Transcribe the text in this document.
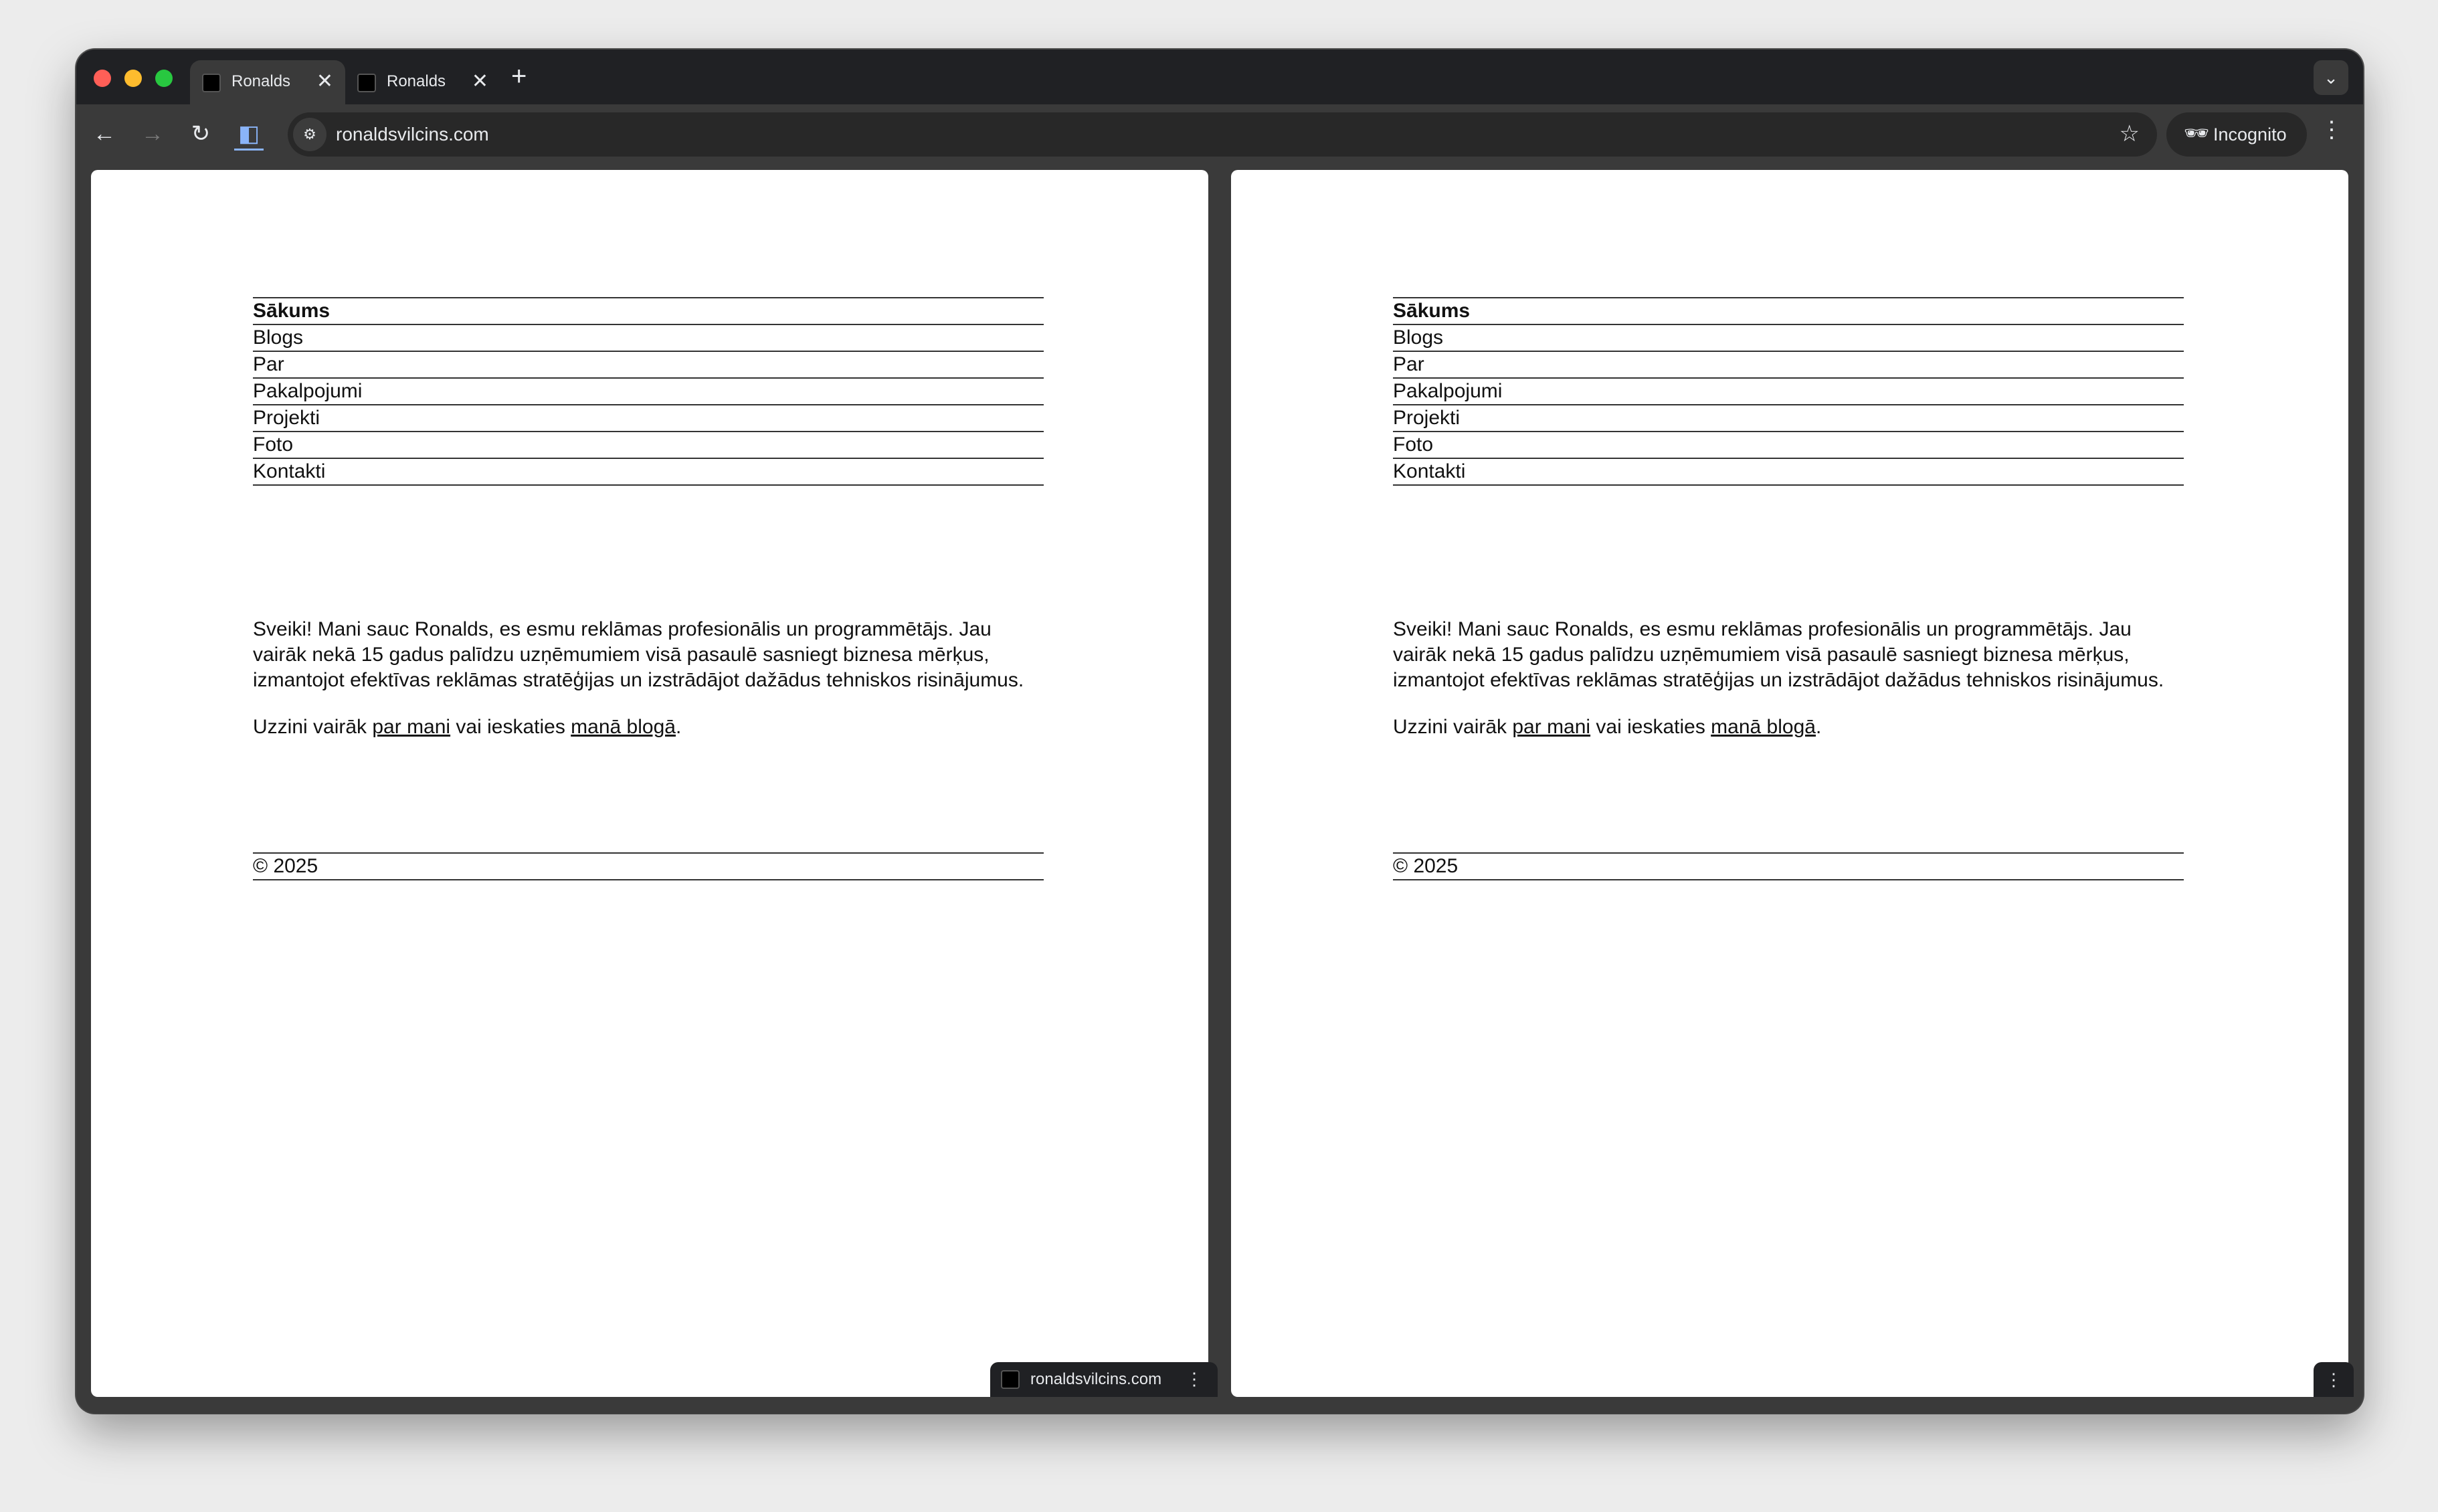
Ronalds	✕	Ronalds	✕ +	⌄
← → ↻ ◧	⚙	ronaldsvilcins.com	☆ 🕶 Incognito ⋮
Sākums
Blogs
Par
Pakalpojumi
Projekti
Foto
Kontakti

Sveiki! Mani sauc Ronalds, es esmu reklāmas profesionālis un programmētājs. Jau vairāk nekā 15 gadus palīdzu uzņēmumiem visā pasaulē sasniegt biznesa mērķus, izmantojot efektīvas reklāmas stratēģijas un izstrādājot dažādus tehniskos risinājumus.

Uzzini vairāk par mani vai ieskaties manā blogā.

© 2025
Sākums
Blogs
Par
Pakalpojumi
Projekti
Foto
Kontakti

Sveiki! Mani sauc Ronalds, es esmu reklāmas profesionālis un programmētājs. Jau vairāk nekā 15 gadus palīdzu uzņēmumiem visā pasaulē sasniegt biznesa mērķus, izmantojot efektīvas reklāmas stratēģijas un izstrādājot dažādus tehniskos risinājumus.

Uzzini vairāk par mani vai ieskaties manā blogā.

© 2025
ronaldsvilcins.com ⋮	⋮
